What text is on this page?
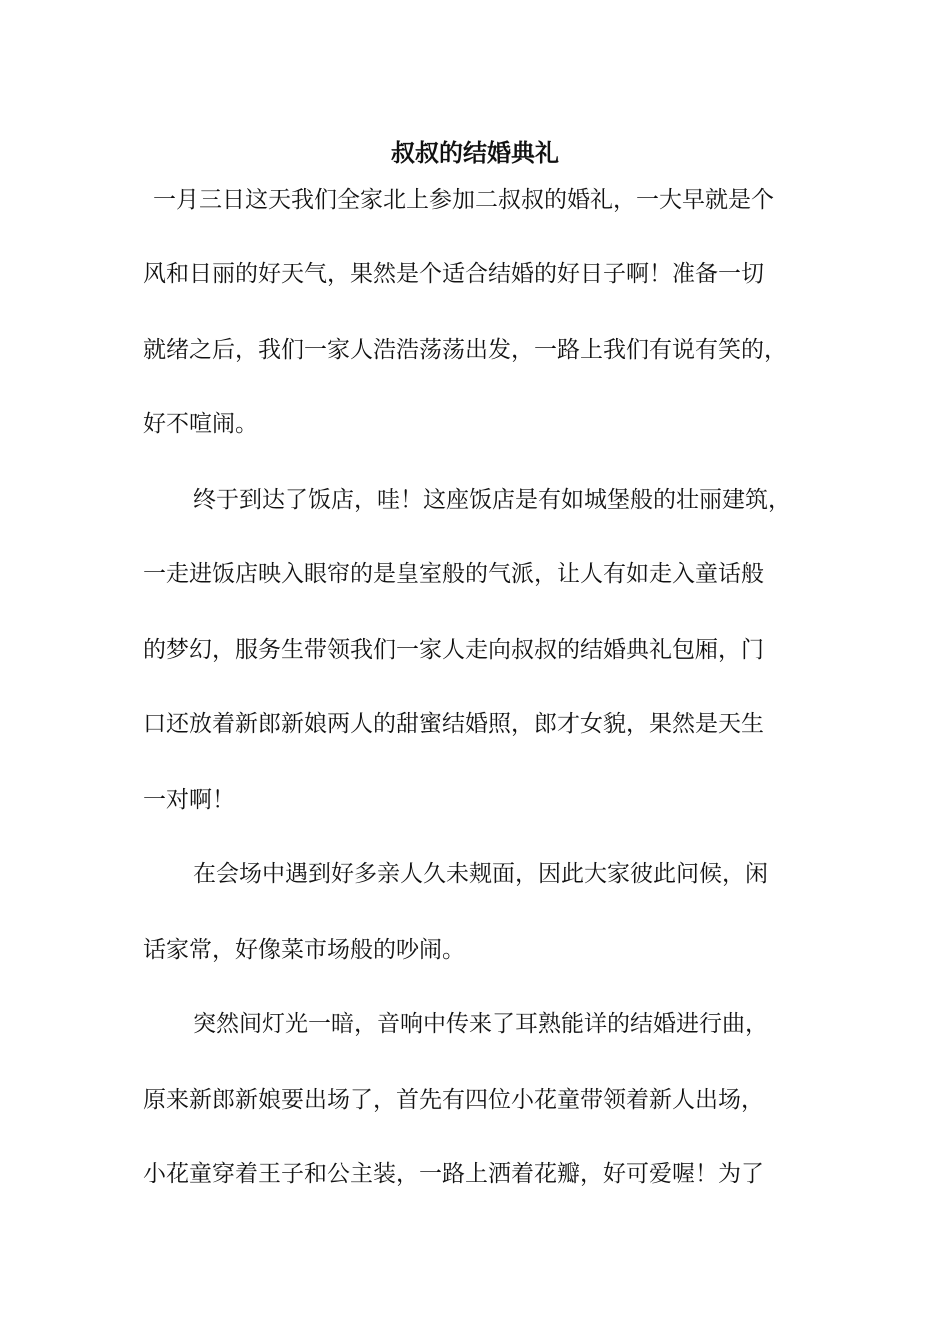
叔叔的结婚典礼

一月三日这天我们全家北上参加二叔叔的婚礼，一大早就是个

风和日丽的好天气，果然是个适合结婚的好日子啊！准备一切

就绪之后，我们一家人浩浩荡荡出发，一路上我们有说有笑的，

好不喧闹。

终于到达了饭店，哇！这座饭店是有如城堡般的壮丽建筑，

一走进饭店映入眼帘的是皇室般的气派，让人有如走入童话般

的梦幻，服务生带领我们一家人走向叔叔的结婚典礼包厢，门

口还放着新郎新娘两人的甜蜜结婚照，郎才女貌，果然是天生

一对啊！

在会场中遇到好多亲人久未觌面，因此大家彼此问候，闲

话家常，好像菜市场般的吵闹。

突然间灯光一暗，音响中传来了耳熟能详的结婚进行曲，

原来新郎新娘要出场了，首先有四位小花童带领着新人出场，

小花童穿着王子和公主装，一路上洒着花瓣，好可爱喔！为了
